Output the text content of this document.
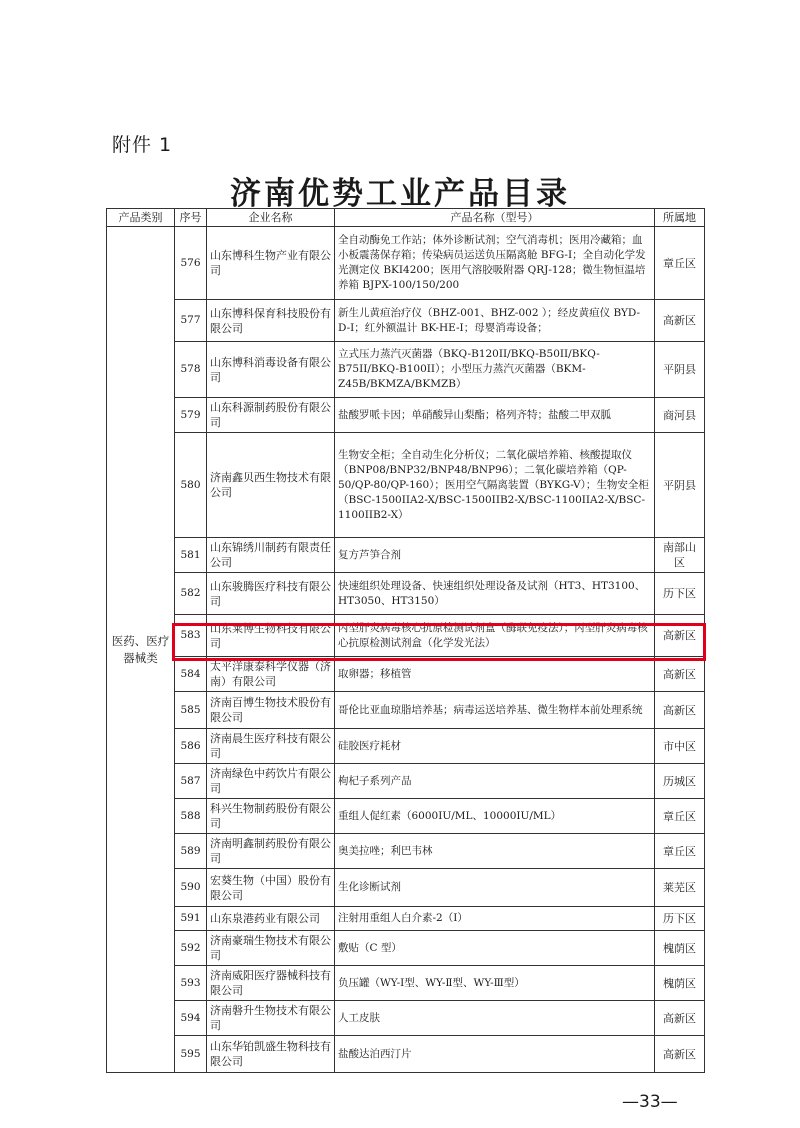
附件 1
济南优势工业产品目录
产品类别	序号	企业名称	产品名称（型号）	所属地
医药、医疗器械类	576	山东博科生物产业有限公司	全自动酶免工作站；体外诊断试剂；空气消毒机；医用冷藏箱；血小板震荡保存箱；传染病员运送负压隔离舱 BFG-I；全自动化学发光测定仪 BKI4200；医用气溶胶吸附器 QRJ-128；微生物恒温培养箱 BJPX-100/150/200	章丘区
	577	山东博科保育科技股份有限公司	新生儿黄疸治疗仪（BHZ-001、BHZ-002 ）；经皮黄疸仪 BYD-D-I；红外额温计 BK-HE-I；母婴消毒设备；	高新区
	578	山东博科消毒设备有限公司	立式压力蒸汽灭菌器（BKQ-B120II/BKQ-B50II/BKQ-B75II/BKQ-B100II）；小型压力蒸汽灭菌器（BKM-Z45B/BKMZA/BKMZB）	平阴县
	579	山东科源制药股份有限公司	盐酸罗哌卡因；单硝酸异山梨酯；格列齐特；盐酸二甲双胍	商河县
	580	济南鑫贝西生物技术有限公司	生物安全柜；全自动生化分析仪；二氧化碳培养箱、核酸提取仪（BNP08/BNP32/BNP48/BNP96）；二氧化碳培养箱（QP-50/QP-80/QP-160）；医用空气隔离装置（BYKG-V）；生物安全柜（BSC-1500IIA2-X/BSC-1500IIB2-X/BSC-1100IIA2-X/BSC-1100IIB2-X）	平阴县
	581	山东锦绣川制药有限责任公司	复方芦笋合剂	南部山区
	582	山东骏腾医疗科技有限公司	快速组织处理设备、快速组织处理设备及试剂（HT3、HT3100、HT3050、HT3150）	历下区
	583	山东莱博生物科技有限公司	丙型肝炎病毒核心抗原检测试剂盒（酶联免疫法）；丙型肝炎病毒核心抗原检测试剂盒（化学发光法）	高新区
	584	太平洋康泰科学仪器（济南）有限公司	取卵器；移植管	高新区
	585	济南百博生物技术股份有限公司	哥伦比亚血琼脂培养基；病毒运送培养基、微生物样本前处理系统	高新区
	586	济南晨生医疗科技有限公司	硅胶医疗耗材	市中区
	587	济南绿色中药饮片有限公司	枸杞子系列产品	历城区
	588	科兴生物制药股份有限公司	重组人促红素（6000IU/ML、10000IU/ML）	章丘区
	589	济南明鑫制药股份有限公司	奥美拉唑；利巴韦林	章丘区
	590	宏葵生物（中国）股份有限公司	生化诊断试剂	莱芜区
	591	山东泉港药业有限公司	注射用重组人白介素-2（Ⅰ）	历下区
	592	济南豪瑞生物技术有限公司	敷贴（C 型）	槐荫区
	593	济南威阳医疗器械科技有限公司	负压罐（WY-Ⅰ型、WY-Ⅱ型、WY-Ⅲ型）	槐荫区
	594	济南磐升生物技术有限公司	人工皮肤	高新区
	595	山东华铂凯盛生物科技有限公司	盐酸达泊西汀片	高新区
—33—
